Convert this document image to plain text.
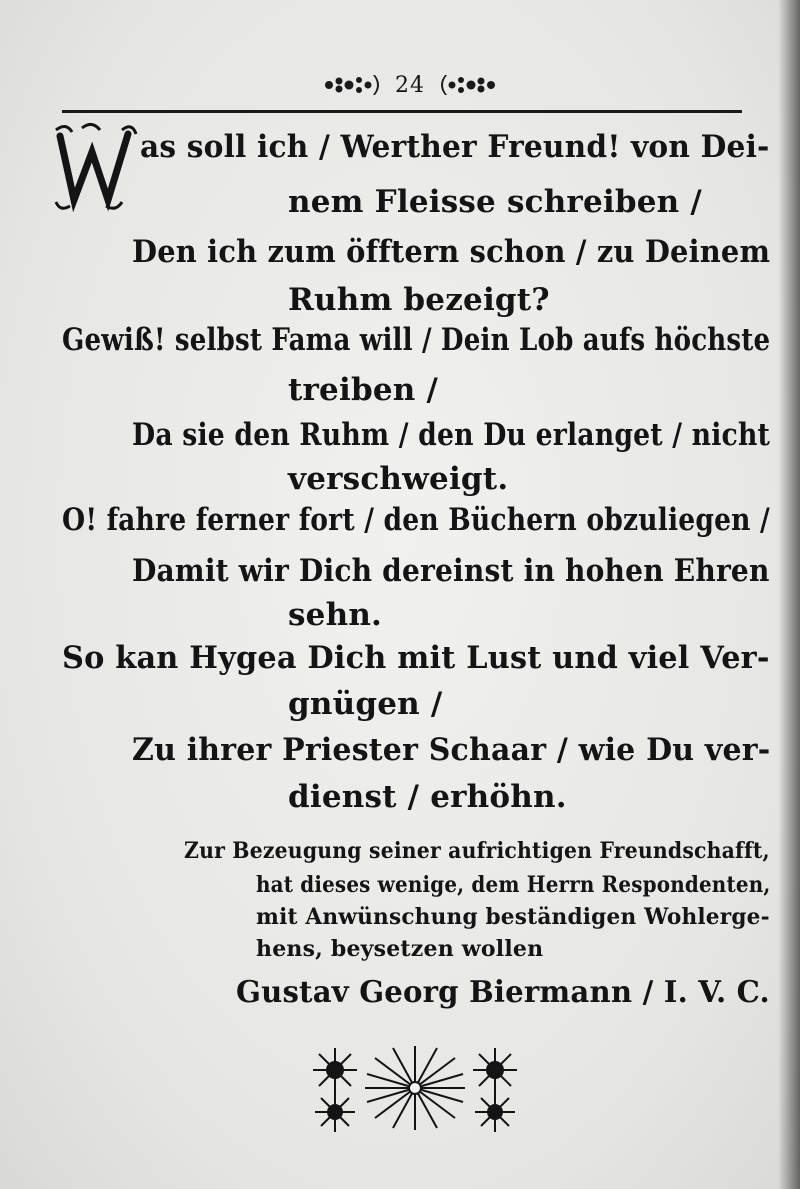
24
W
as soll ich / Werther Freund! von Dei-
nem Fleisse schreiben /
Den ich zum öfftern schon / zu Deinem
Ruhm bezeigt?
Gewiß! selbst Fama will / Dein Lob aufs höchste
treiben /
Da sie den Ruhm / den Du erlanget / nicht
verschweigt.
O! fahre ferner fort / den Büchern obzuliegen /
Damit wir Dich dereinst in hohen Ehren
sehn.
So kan Hygea Dich mit Lust und viel Ver-
gnügen /
Zu ihrer Priester Schaar / wie Du ver-
dienst / erhöhn.
Zur Bezeugung seiner aufrichtigen Freundschafft,
hat dieses wenige, dem Herrn Respondenten,
mit Anwünschung beständigen Wohlerge-
hens, beysetzen wollen
Gustav Georg Biermann / I. V. C.
